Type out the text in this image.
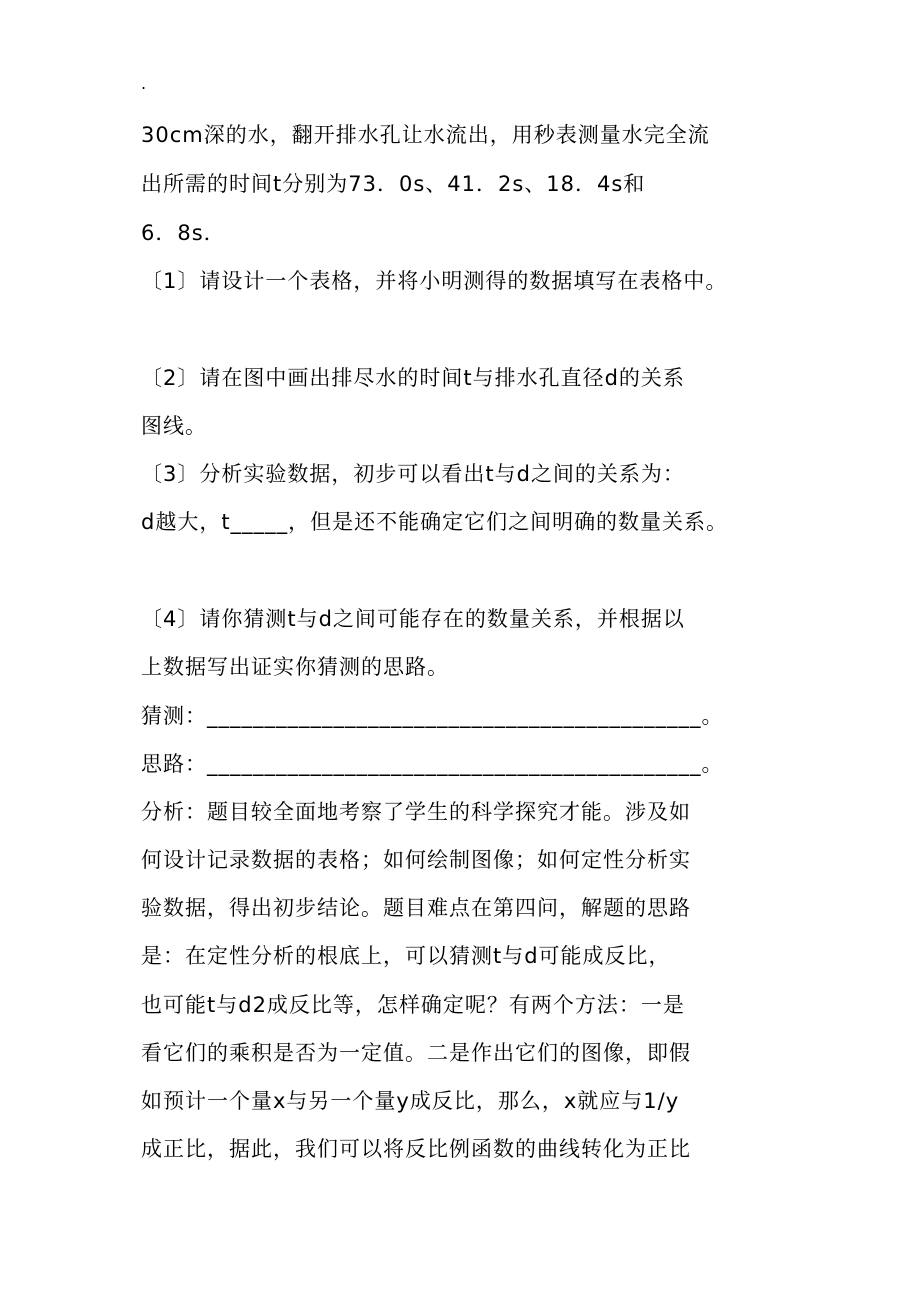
.
30cm深的水，翻开排水孔让水流出，用秒表测量水完全流
出所需的时间t分别为73．0s、41．2s、18．4s和
6．8s．
〔1〕请设计一个表格，并将小明测得的数据填写在表格中。
〔2〕请在图中画出排尽水的时间t与排水孔直径d的关系
图线。
〔3〕分析实验数据，初步可以看出t与d之间的关系为：
d越大，t_____，但是还不能确定它们之间明确的数量关系。
〔4〕请你猜测t与d之间可能存在的数量关系，并根据以
上数据写出证实你猜测的思路。
猜测：___________________________________________。
思路：___________________________________________。
分析：题目较全面地考察了学生的科学探究才能。涉及如
何设计记录数据的表格；如何绘制图像；如何定性分析实
验数据，得出初步结论。题目难点在第四问，解题的思路
是：在定性分析的根底上，可以猜测t与d可能成反比，
也可能t与d2成反比等，怎样确定呢？有两个方法：一是
看它们的乘积是否为一定值。二是作出它们的图像，即假
如预计一个量x与另一个量y成反比，那么，x就应与1/y
成正比，据此，我们可以将反比例函数的曲线转化为正比
